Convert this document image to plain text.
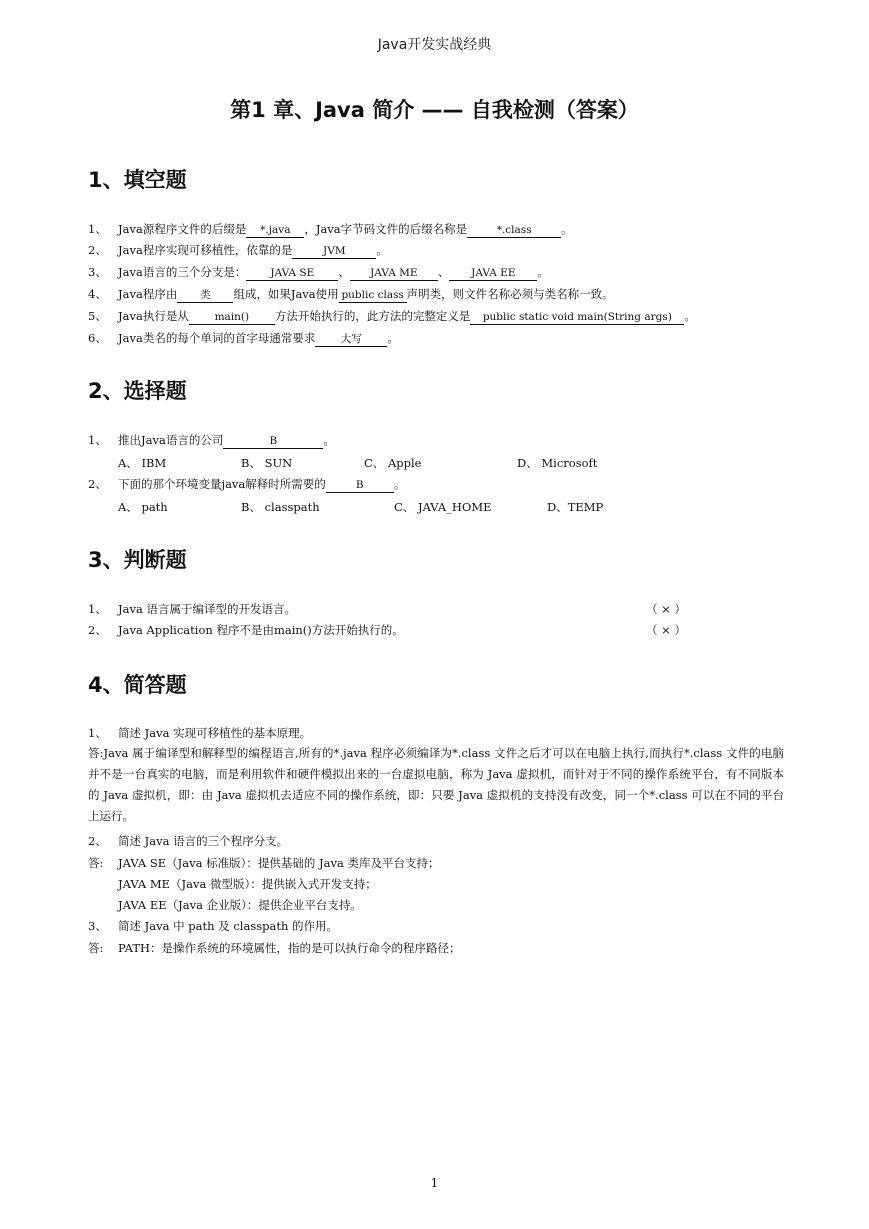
Java开发实战经典
第1 章、Java 简介 —— 自我检测（答案）
1、填空题
1、 Java源程序文件的后缀是 *.java ，Java字节码文件的后缀名称是	*.class	。
2、 Java程序实现可移植性，依靠的是	JVM	。
3、 Java语言的三个分支是： JAVA SE 、 JAVA ME 、 JAVA EE 。
4、 Java程序由 类 组成，如果Java使用 public class 声明类，则文件名称必须与类名称一致。
5、 Java执行是从 main() 方法开始执行的，此方法的完整定义是 public static void main(String args) 。
6、 Java类名的每个单词的首字母通常要求 大写 。
2、选择题
1、 推出Java语言的公司	B	。
A、 IBM	B、 SUN	C、 Apple	D、 Microsoft
2、 下面的那个环境变量java解释时所需要的	B	。
A、 path	B、 classpath	C、 JAVA_HOME	D、TEMP
3、判断题
1、 Java 语言属于编译型的开发语言。	（ × ）
2、 Java Application 程序不是由main()方法开始执行的。	（ × ）
4、简答题
1、 简述 Java 实现可移植性的基本原理。
答:Java 属于编译型和解释型的编程语言,所有的*.java 程序必须编译为*.class 文件之后才可以在电脑上执行,而执行*.class 文件的电脑并不是一台真实的电脑，而是利用软件和硬件模拟出来的一台虚拟电脑，称为 Java 虚拟机，而针对于不同的操作系统平台，有不同版本的 Java 虚拟机，即：由 Java 虚拟机去适应不同的操作系统，即：只要 Java 虚拟机的支持没有改变，同一个*.class 可以在不同的平台上运行。
2、 简述 Java 语言的三个程序分支。
答: JAVA SE（Java 标准版）：提供基础的 Java 类库及平台支持；
JAVA ME（Java 微型版）：提供嵌入式开发支持；
JAVA EE（Java 企业版）：提供企业平台支持。
3、 简述 Java 中 path 及 classpath 的作用。
答: PATH：是操作系统的环境属性，指的是可以执行命令的程序路径；
1
